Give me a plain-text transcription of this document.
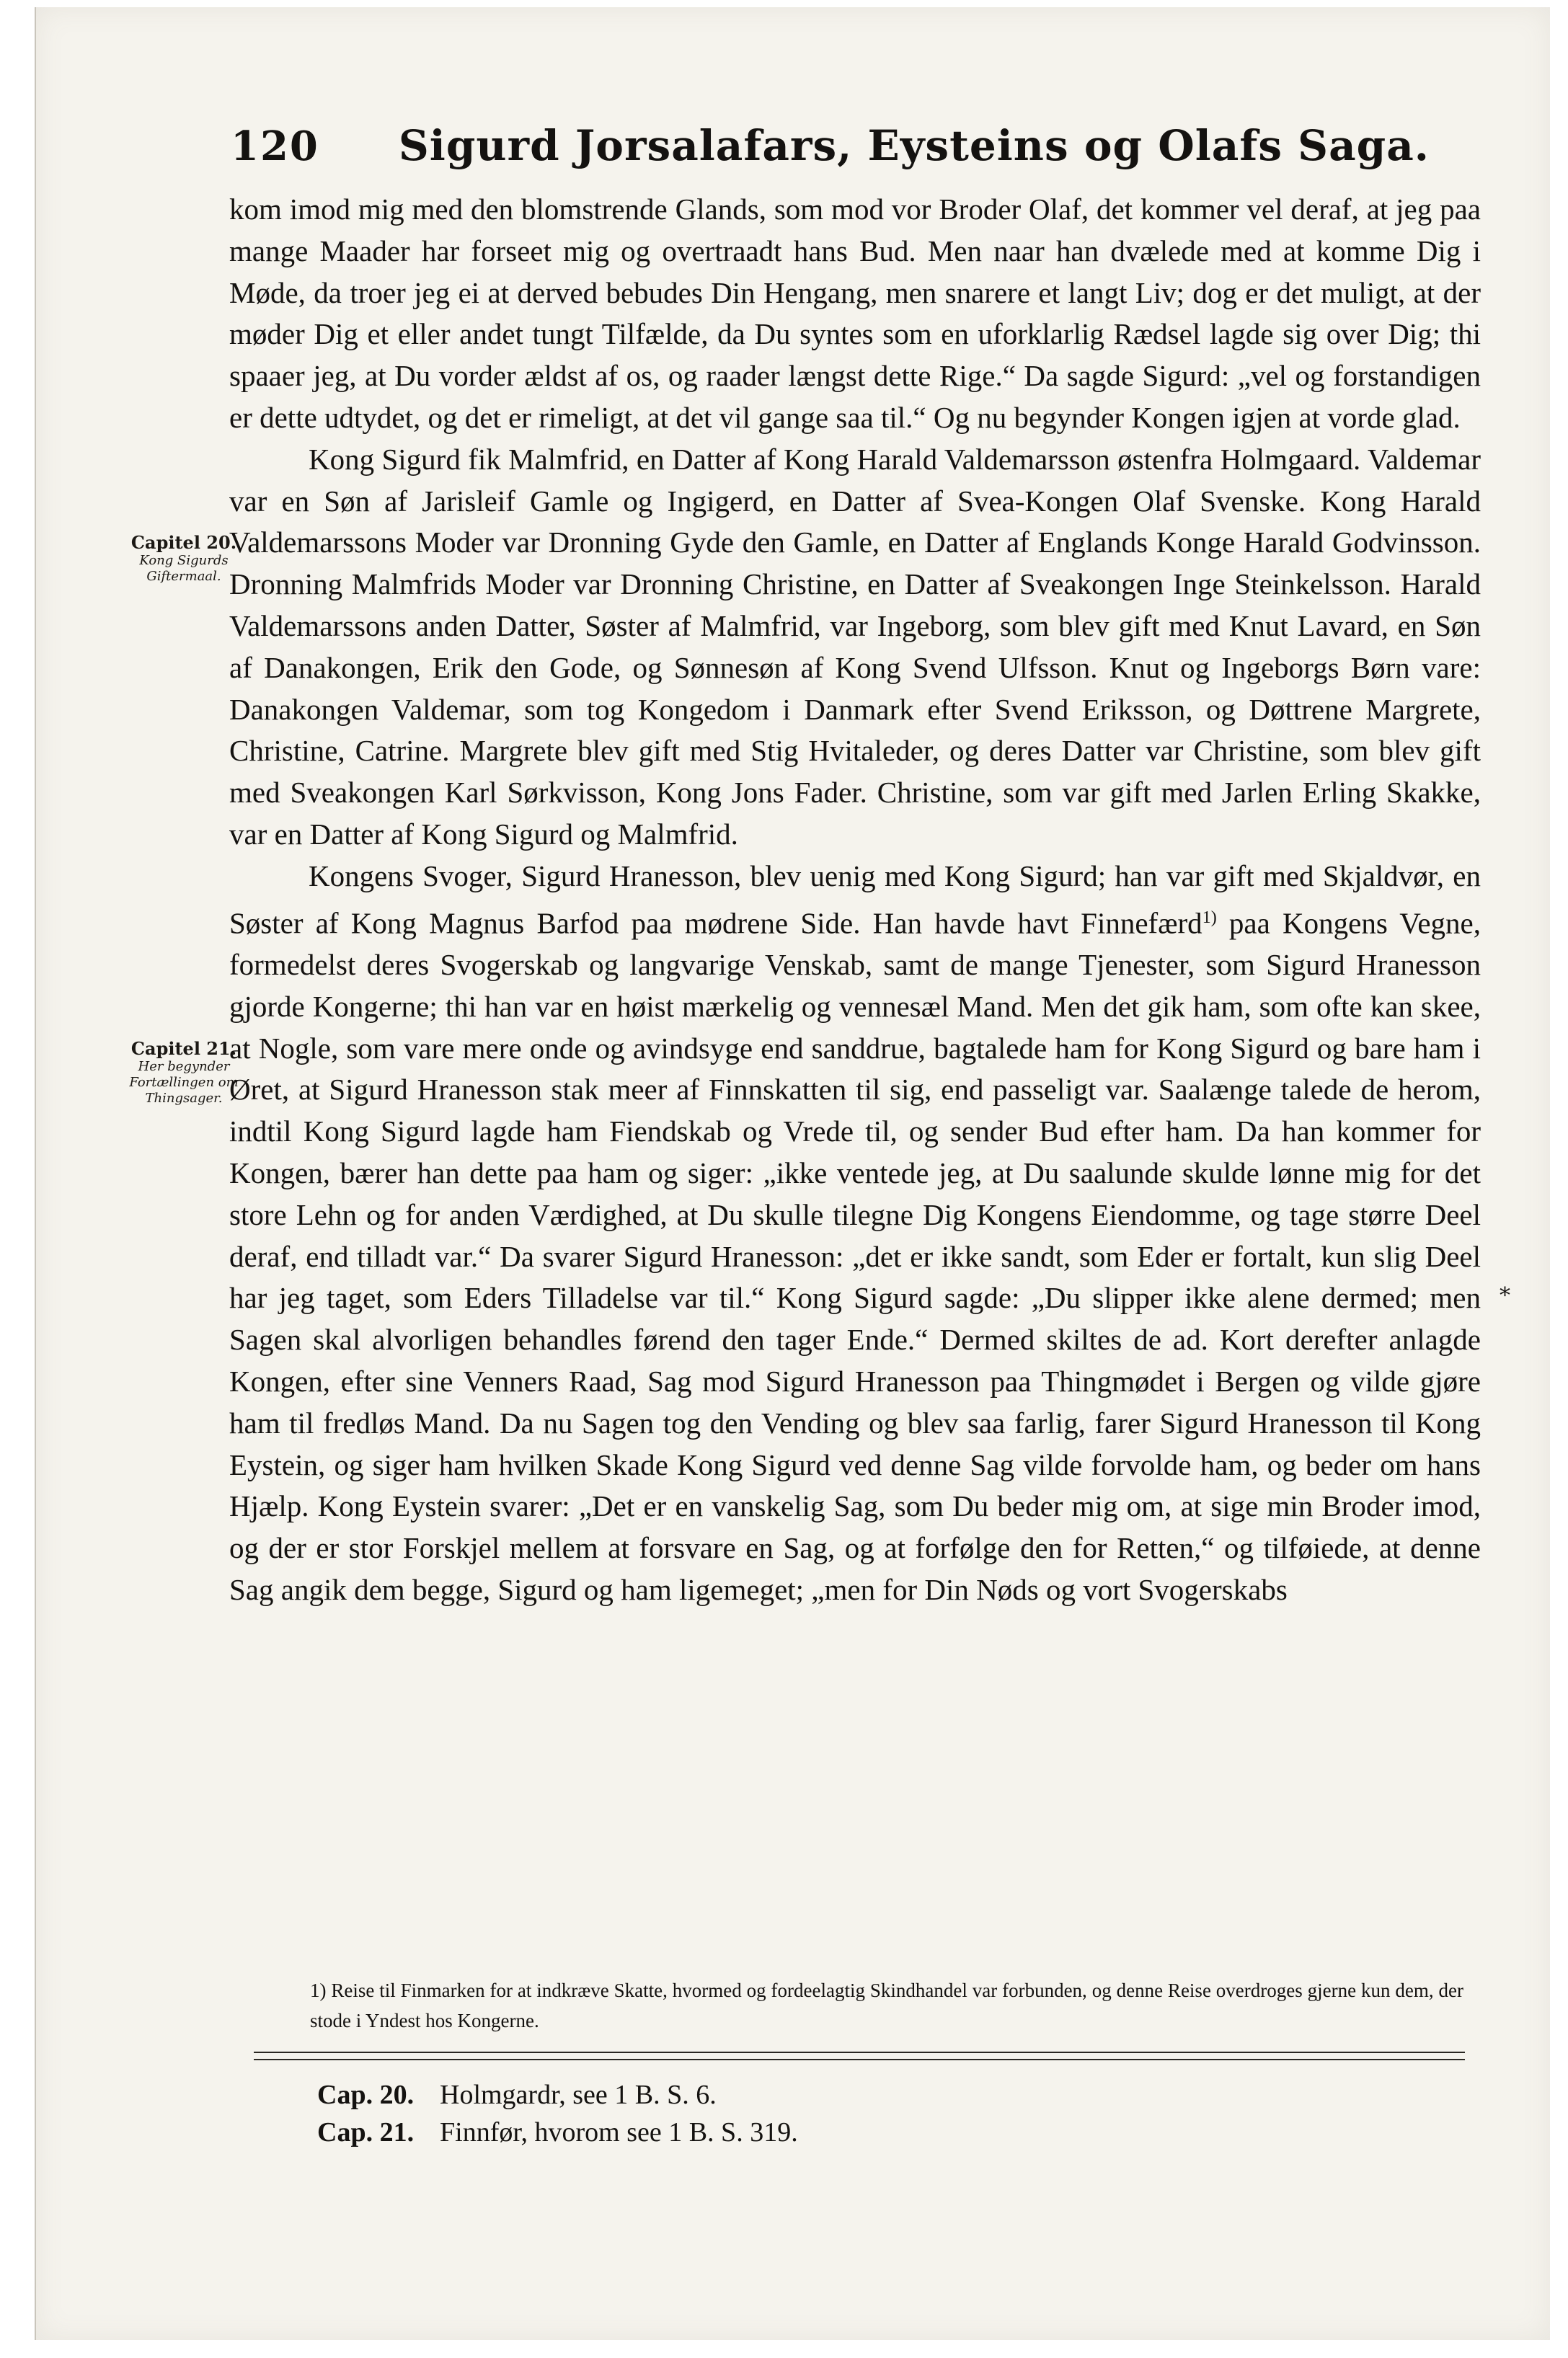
120 Sigurd Jorsalafars, Eysteins og Olafs Saga.
Capitel 20.
Kong Sigurds Giftermaal.
Capitel 21.
Her begynder Fortællingen om Thingsager.

kom imod mig med den blomstrende Glands, som mod vor Broder Olaf, det kommer vel deraf, at jeg paa mange Maader har forseet mig og overtraadt hans Bud. Men naar han dvælede med at komme Dig i Møde, da troer jeg ei at derved bebudes Din Hengang, men snarere et langt Liv; dog er det muligt, at der møder Dig et eller andet tungt Tilfælde, da Du syntes som en uforklarlig Rædsel lagde sig over Dig; thi spaaer jeg, at Du vorder ældst af os, og raader længst dette Rige.“ Da sagde Sigurd: „vel og forstandigen er dette udtydet, og det er rimeligt, at det vil gange saa til.“ Og nu begynder Kongen igjen at vorde glad.

Kong Sigurd fik Malmfrid, en Datter af Kong Harald Valdemarsson østenfra Holmgaard. Valdemar var en Søn af Jarisleif Gamle og Ingigerd, en Datter af Svea-Kongen Olaf Svenske. Kong Harald Valdemarssons Moder var Dronning Gyde den Gamle, en Datter af Englands Konge Harald Godvinsson. Dronning Malmfrids Moder var Dronning Christine, en Datter af Sveakongen Inge Steinkelsson. Harald Valdemarssons anden Datter, Søster af Malmfrid, var Ingeborg, som blev gift med Knut Lavard, en Søn af Danakongen, Erik den Gode, og Sønnesøn af Kong Svend Ulfsson. Knut og Ingeborgs Børn vare: Danakongen Valdemar, som tog Kongedom i Danmark efter Svend Eriksson, og Døttrene Margrete, Christine, Catrine. Margrete blev gift med Stig Hvitaleder, og deres Datter var Christine, som blev gift med Sveakongen Karl Sørkvisson, Kong Jons Fader. Christine, som var gift med Jarlen Erling Skakke, var en Datter af Kong Sigurd og Malmfrid.

Kongens Svoger, Sigurd Hranesson, blev uenig med Kong Sigurd; han var gift med Skjaldvør, en Søster af Kong Magnus Barfod paa mødrene Side. Han havde havt Finnefærd$^{1)}$ paa Kongens Vegne, formedelst deres Svogerskab og langvarige Venskab, samt de mange Tjenester, som Sigurd Hranesson gjorde Kongerne; thi han var en høist mærkelig og vennesæl Mand. Men det gik ham, som ofte kan skee, at Nogle, som vare mere onde og avindsyge end sanddrue, bagtalede ham for Kong Sigurd og bare ham i Øret, at Sigurd Hranesson stak meer af Finnskatten til sig, end passeligt var. Saalænge talede de herom, indtil Kong Sigurd lagde ham Fiendskab og Vrede til, og sender Bud efter ham. Da han kommer for Kongen, bærer han dette paa ham og siger: „ikke ventede jeg, at Du saalunde skulde lønne mig for det store Lehn og for anden Værdighed, at Du skulle tilegne Dig Kongens Eiendomme, og tage større Deel deraf, end tilladt var.“ Da svarer Sigurd Hranesson: „det er ikke sandt, som Eder er fortalt, kun slig Deel har jeg taget, som Eders Tilladelse var til.“ Kong Sigurd sagde: „Du slipper ikke alene dermed; men Sagen skal alvorligen behandles førend den tager Ende.“ Dermed skiltes de ad. Kort derefter anlagde Kongen, efter sine Venners Raad, Sag mod Sigurd Hranesson paa Thingmødet i Bergen og vilde gjøre ham til fredløs Mand. Da nu Sagen tog den Vending og blev saa farlig, farer Sigurd Hranesson til Kong Eystein, og siger ham hvilken Skade Kong Sigurd ved denne Sag vilde forvolde ham, og beder om hans Hjælp. Kong Eystein svarer: „Det er en vanskelig Sag, som Du beder mig om, at sige min Broder imod, og der er stor Forskjel mellem at forsvare en Sag, og at forfølge den for Retten,“ og tilføiede, at denne Sag angik dem begge, Sigurd og ham ligemeget; „men for Din Nøds og vort Svogerskabs

*
1) Reise til Finmarken for at indkræve Skatte, hvormed og fordeelagtig Skindhandel var forbunden, og denne Reise overdroges gjerne kun dem, der stode i Yndest hos Kongerne.
Cap. 20. Holmgardr, see 1 B. S. 6.
Cap. 21. Finnfør, hvorom see 1 B. S. 319.
